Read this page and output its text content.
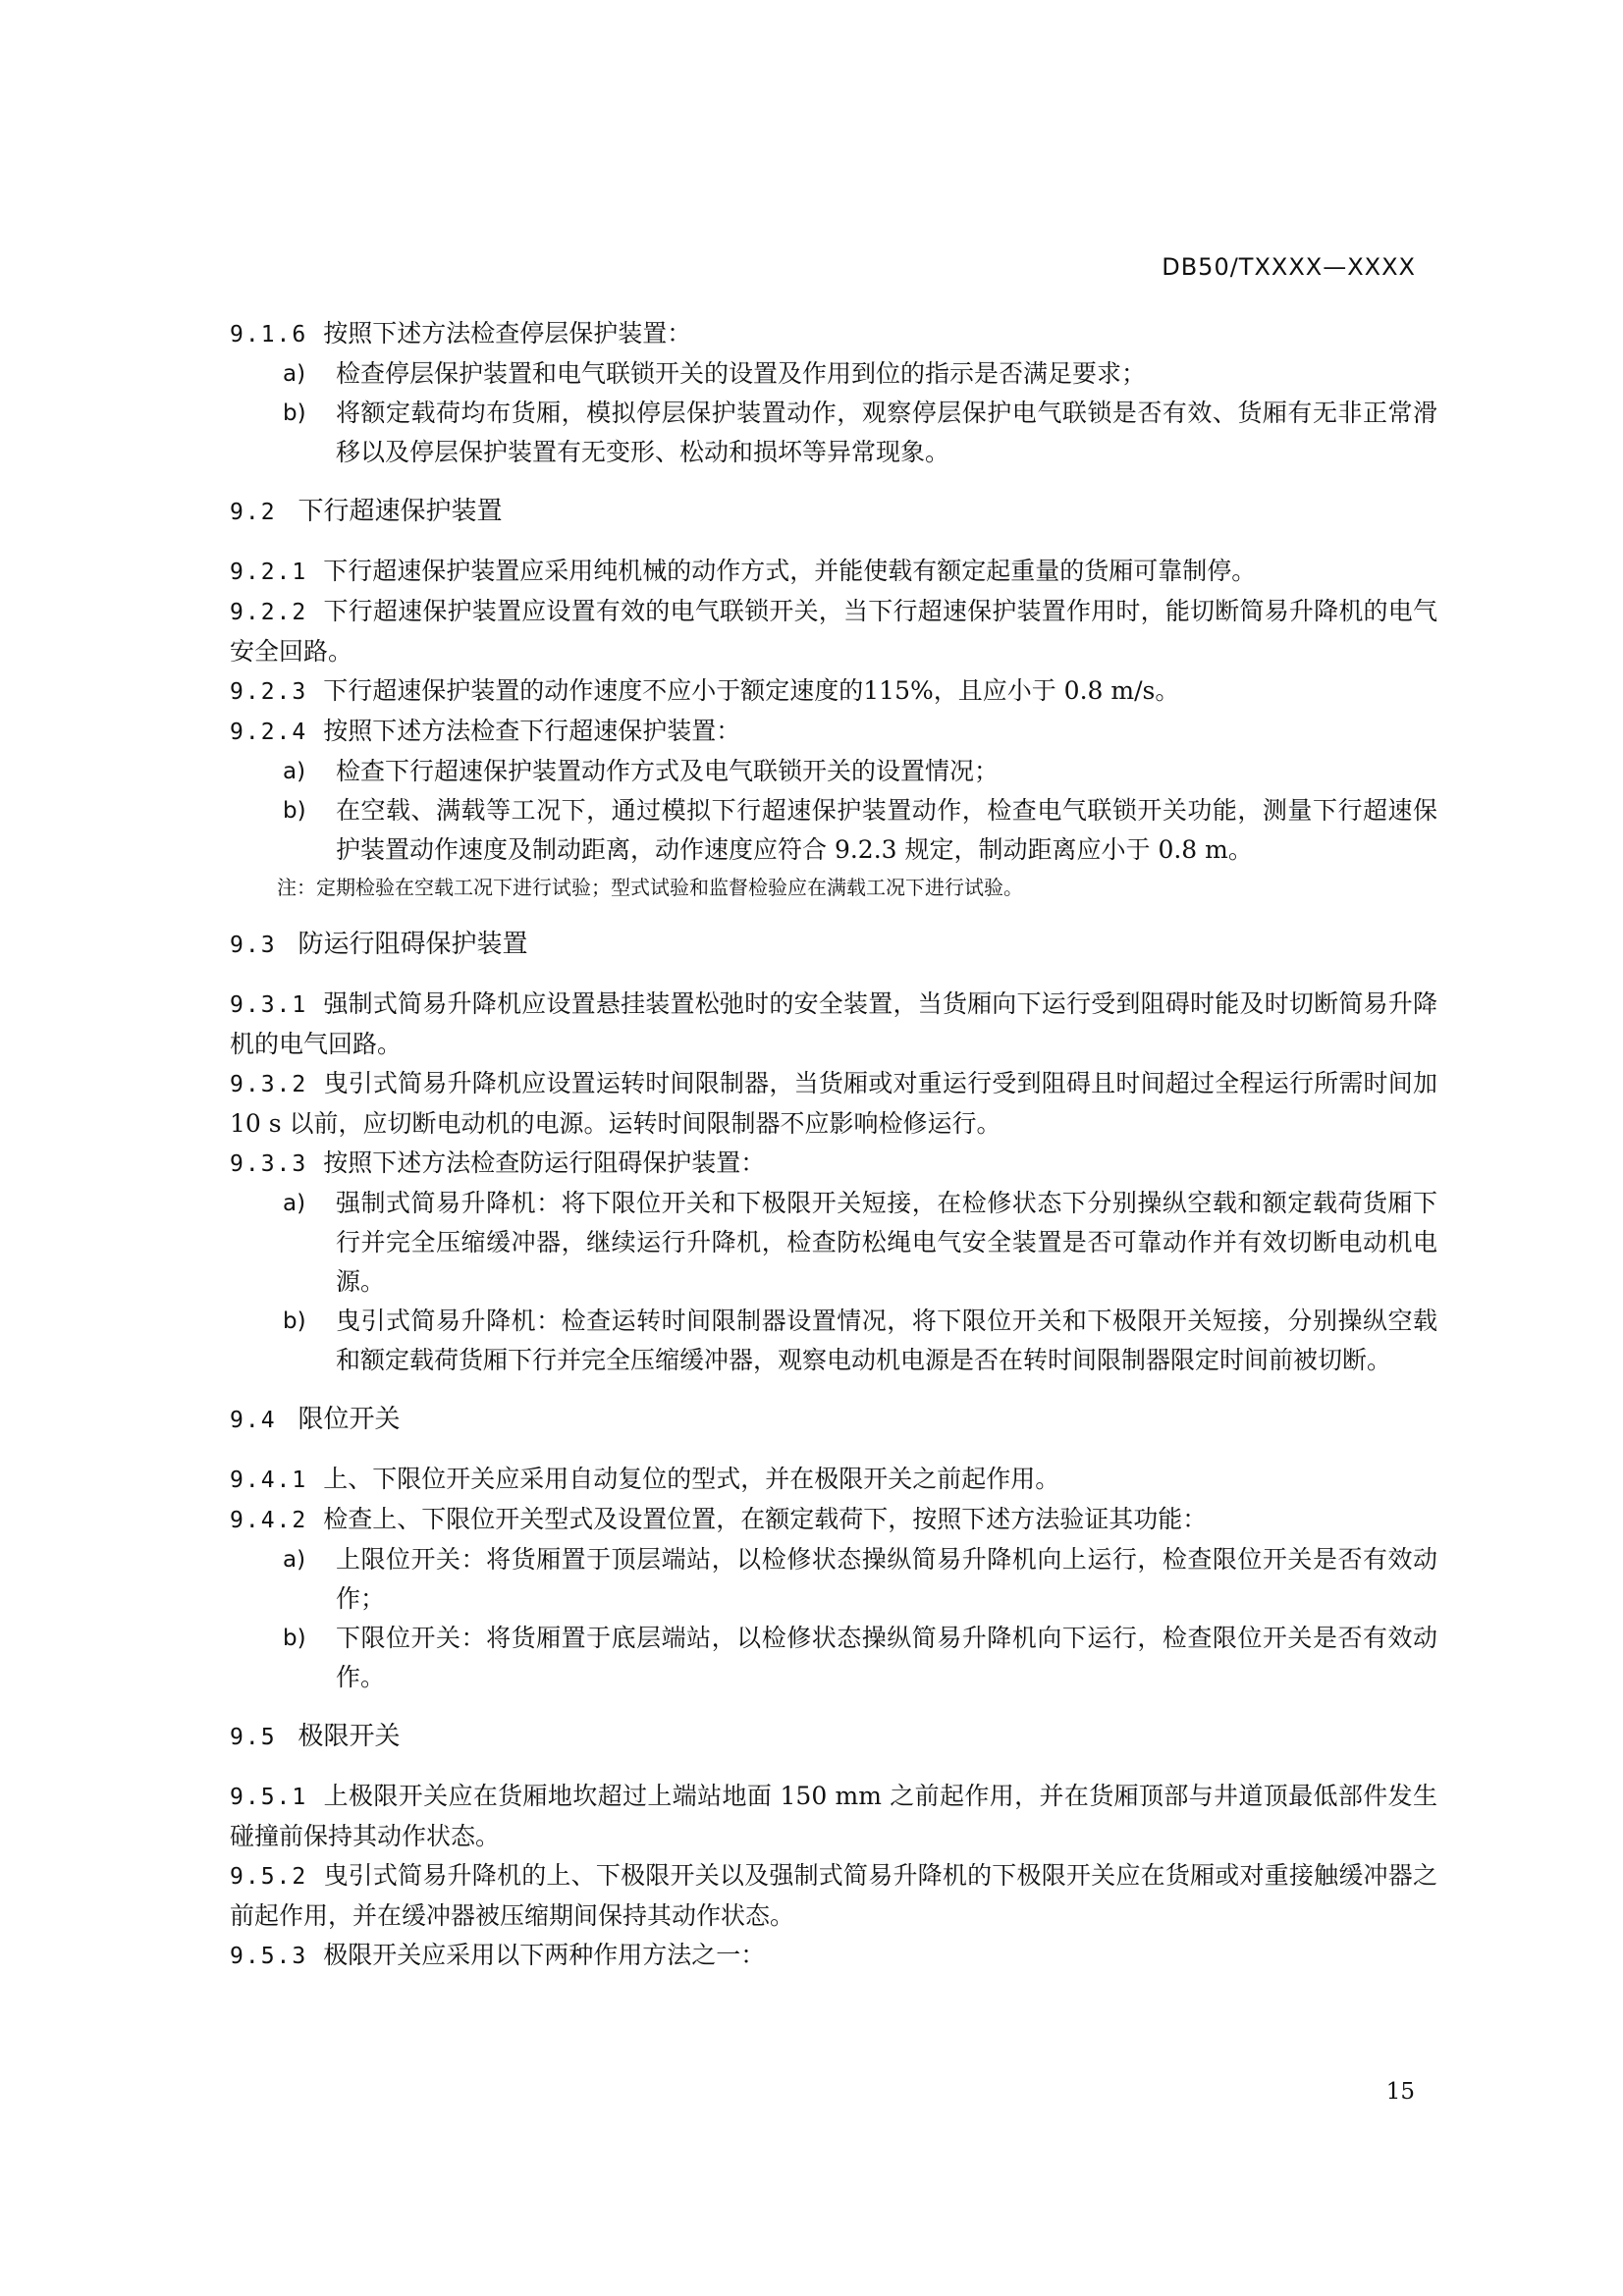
DB50/TXXXX—XXXX

9.1.6 按照下述方法检查停层保护装置：

a)	检查停层保护装置和电气联锁开关的设置及作用到位的指示是否满足要求；
b)	将额定载荷均布货厢，模拟停层保护装置动作，观察停层保护电气联锁是否有效、货厢有无非正常滑移以及停层保护装置有无变形、松动和损坏等异常现象。
9.2 下行超速保护装置

9.2.1 下行超速保护装置应采用纯机械的动作方式，并能使载有额定起重量的货厢可靠制停。

9.2.2 下行超速保护装置应设置有效的电气联锁开关，当下行超速保护装置作用时，能切断简易升降机的电气安全回路。

9.2.3 下行超速保护装置的动作速度不应小于额定速度的115%，且应小于 0.8 m/s。

9.2.4 按照下述方法检查下行超速保护装置：

a)	检查下行超速保护装置动作方式及电气联锁开关的设置情况；
b)	在空载、满载等工况下，通过模拟下行超速保护装置动作，检查电气联锁开关功能，测量下行超速保护装置动作速度及制动距离，动作速度应符合 9.2.3 规定，制动距离应小于 0.8 m。
注：定期检验在空载工况下进行试验；型式试验和监督检验应在满载工况下进行试验。
9.3 防运行阻碍保护装置

9.3.1 强制式简易升降机应设置悬挂装置松弛时的安全装置，当货厢向下运行受到阻碍时能及时切断简易升降机的电气回路。

9.3.2 曳引式简易升降机应设置运转时间限制器，当货厢或对重运行受到阻碍且时间超过全程运行所需时间加 10 s 以前，应切断电动机的电源。运转时间限制器不应影响检修运行。

9.3.3 按照下述方法检查防运行阻碍保护装置：

a)	强制式简易升降机：将下限位开关和下极限开关短接，在检修状态下分别操纵空载和额定载荷货厢下行并完全压缩缓冲器，继续运行升降机，检查防松绳电气安全装置是否可靠动作并有效切断电动机电源。
b)	曳引式简易升降机：检查运转时间限制器设置情况，将下限位开关和下极限开关短接，分别操纵空载和额定载荷货厢下行并完全压缩缓冲器，观察电动机电源是否在转时间限制器限定时间前被切断。
9.4 限位开关

9.4.1 上、下限位开关应采用自动复位的型式，并在极限开关之前起作用。

9.4.2 检查上、下限位开关型式及设置位置，在额定载荷下，按照下述方法验证其功能：

a)	上限位开关：将货厢置于顶层端站，以检修状态操纵简易升降机向上运行，检查限位开关是否有效动作；
b)	下限位开关：将货厢置于底层端站，以检修状态操纵简易升降机向下运行，检查限位开关是否有效动作。
9.5 极限开关

9.5.1 上极限开关应在货厢地坎超过上端站地面 150 mm 之前起作用，并在货厢顶部与井道顶最低部件发生碰撞前保持其动作状态。

9.5.2 曳引式简易升降机的上、下极限开关以及强制式简易升降机的下极限开关应在货厢或对重接触缓冲器之前起作用，并在缓冲器被压缩期间保持其动作状态。

9.5.3 极限开关应采用以下两种作用方法之一：

15
